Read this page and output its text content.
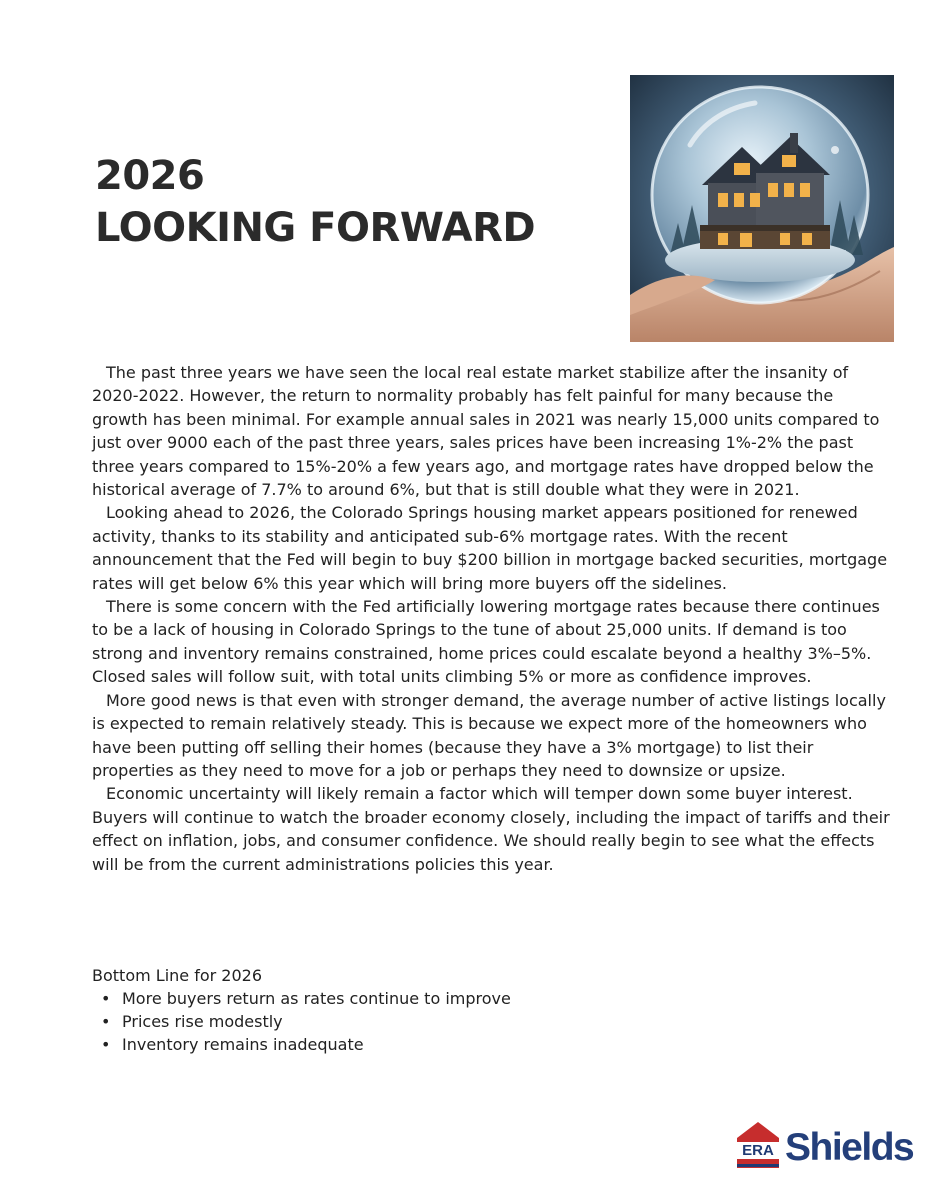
2026
LOOKING FORWARD

The past three years we have seen the local real estate market stabilize after the insanity of 2020-2022. However, the return to normality probably has felt painful for many because the growth has been minimal. For example annual sales in 2021 was nearly 15,000 units compared to just over 9000 each of the past three years, sales prices have been increasing 1%-2% the past three years compared to 15%-20% a few years ago, and mortgage rates have dropped below the historical average of 7.7% to around 6%, but that is still double what they were in 2021.

Looking ahead to 2026, the Colorado Springs housing market appears positioned for renewed activity, thanks to its stability and anticipated sub-6% mortgage rates. With the recent announcement that the Fed will begin to buy $200 billion in mortgage backed securities, mortgage rates will get below 6% this year which will bring more buyers off the sidelines.

There is some concern with the Fed artificially lowering mortgage rates because there continues to be a lack of housing in Colorado Springs to the tune of about 25,000 units. If demand is too strong and inventory remains constrained, home prices could escalate beyond a healthy 3%–5%. Closed sales will follow suit, with total units climbing 5% or more as confidence improves.

More good news is that even with stronger demand, the average number of active listings locally is expected to remain relatively steady. This is because we expect more of the homeowners who have been putting off selling their homes (because they have a 3% mortgage) to list their properties as they need to move for a job or perhaps they need to downsize or upsize.

Economic uncertainty will likely remain a factor which will temper down some buyer interest. Buyers will continue to watch the broader economy closely, including the impact of tariffs and their effect on inflation, jobs, and consumer confidence. We should really begin to see what the effects will be from the current administrations policies this year.

Bottom Line for 2026
• More buyers return as rates continue to improve
• Prices rise modestly
• Inventory remains inadequate
ERA Shields
